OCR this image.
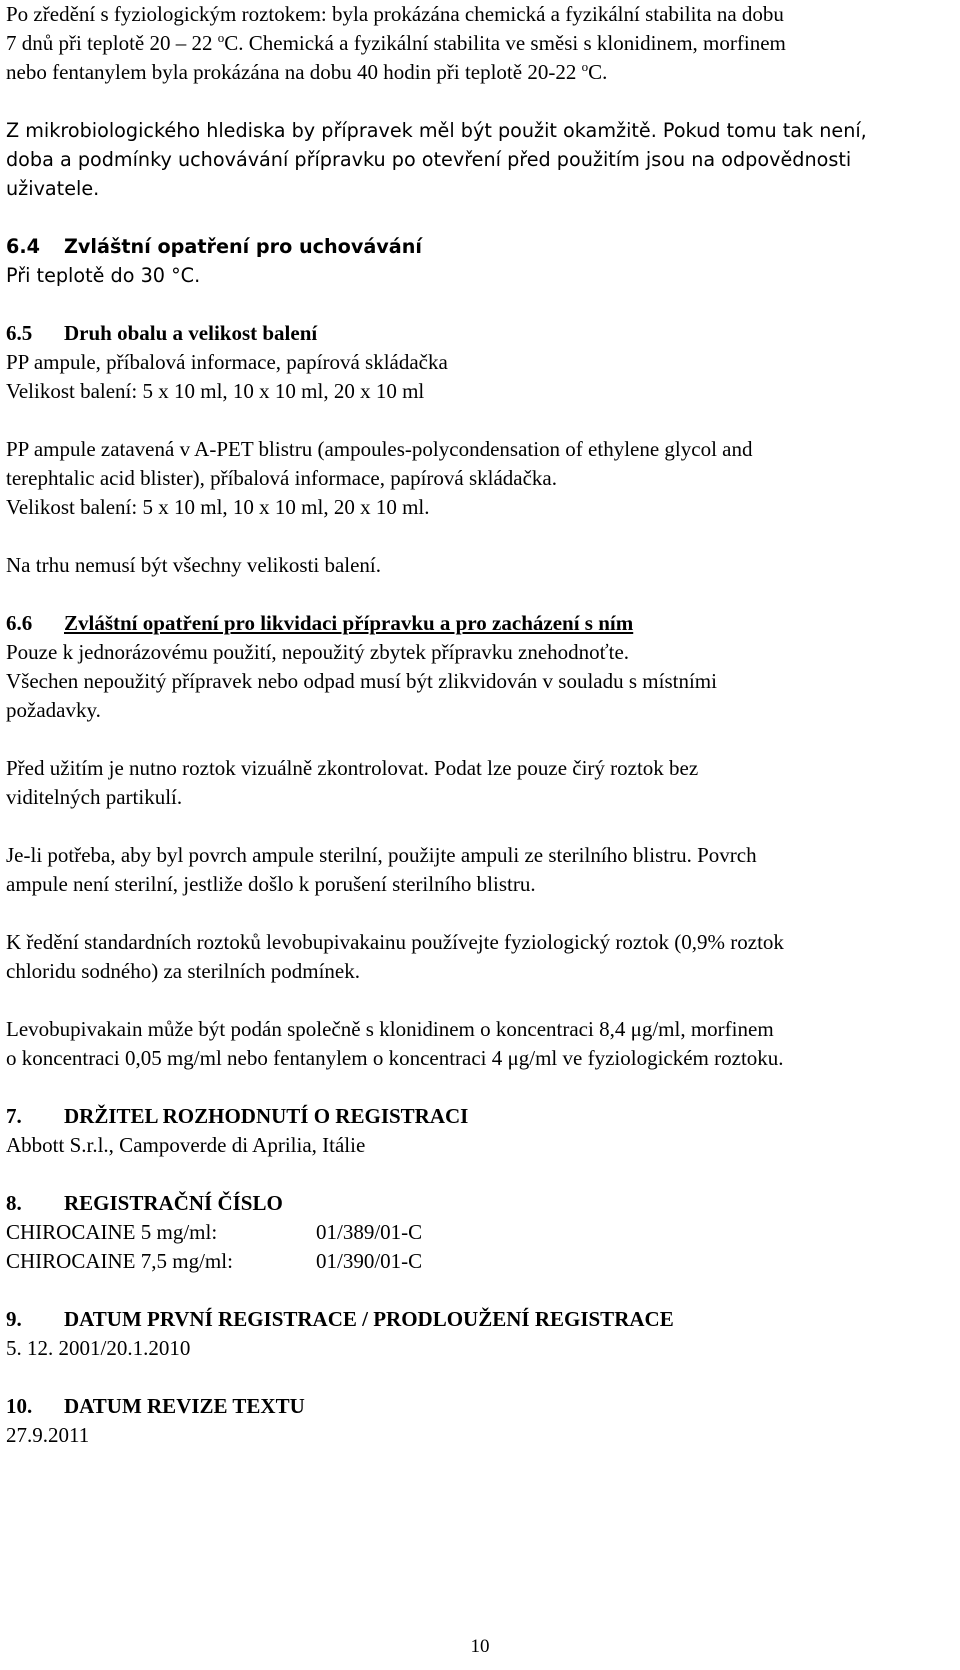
Po zředění s fyziologickým roztokem: byla prokázána chemická a fyzikální stabilita na dobu

7 dnů při teplotě 20 – 22 $^o$C. Chemická a fyzikální stabilita ve směsi s klonidinem, morfinem

nebo fentanylem byla prokázána na dobu 40 hodin při teplotě 20-22 $^o$C.

Z mikrobiologického hlediska by přípravek měl být použit okamžitě. Pokud tomu tak není,

doba a podmínky uchovávání přípravku po otevření před použitím jsou na odpovědnosti

uživatele.

6.4 Zvláštní opatření pro uchovávání

Při teplotě do 30 °C.

6.5 Druh obalu a velikost balení

PP ampule, příbalová informace, papírová skládačka

Velikost balení: 5 x 10 ml, 10 x 10 ml, 20 x 10 ml

PP ampule zatavená v A-PET blistru (ampoules-polycondensation of ethylene glycol and

terephtalic acid blister), příbalová informace, papírová skládačka.

Velikost balení: 5 x 10 ml, 10 x 10 ml, 20 x 10 ml.

Na trhu nemusí být všechny velikosti balení.

6.6 Zvláštní opatření pro likvidaci přípravku a pro zacházení s ním

Pouze k jednorázovému použití, nepoužitý zbytek přípravku znehodnoťte.

Všechen nepoužitý přípravek nebo odpad musí být zlikvidován v souladu s místními

požadavky.

Před užitím je nutno roztok vizuálně zkontrolovat. Podat lze pouze čirý roztok bez

viditelných partikulí.

Je-li potřeba, aby byl povrch ampule sterilní, použijte ampuli ze sterilního blistru. Povrch

ampule není sterilní, jestliže došlo k porušení sterilního blistru.

K ředění standardních roztoků levobupivakainu používejte fyziologický roztok (0,9% roztok

chloridu sodného) za sterilních podmínek.

Levobupivakain může být podán společně s klonidinem o koncentraci 8,4 μg/ml, morfinem

o koncentraci 0,05 mg/ml nebo fentanylem o koncentraci 4 μg/ml ve fyziologickém roztoku.

7. DRŽITEL ROZHODNUTÍ O REGISTRACI

Abbott S.r.l., Campoverde di Aprilia, Itálie

8. REGISTRAČNÍ ČÍSLO

CHIROCAINE 5 mg/ml:	01/389/01-C
CHIROCAINE 7,5 mg/ml:	01/390/01-C

9. DATUM PRVNÍ REGISTRACE / PRODLOUŽENÍ REGISTRACE

5. 12. 2001/20.1.2010

10. DATUM REVIZE TEXTU

27.9.2011

10
